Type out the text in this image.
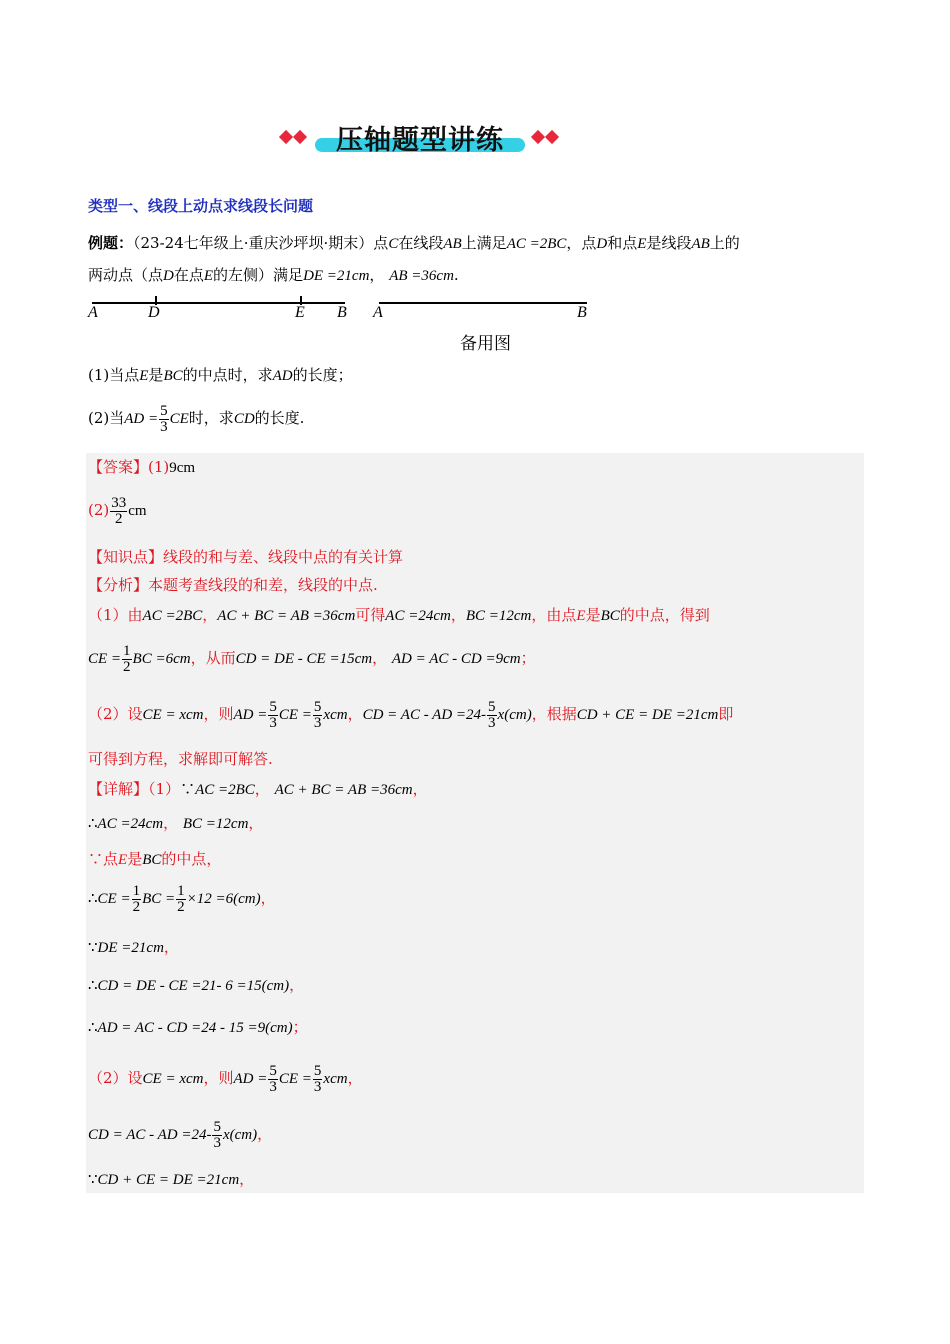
压轴题型讲练
类型一、线段上动点求线段长问题
例题：（23-24七年级上·重庆沙坪坝·期末）点C在线段AB上满足AC =2BC，点D和点E是线段AB上的
两动点（点D在点E的左侧）满足DE =21cm， AB =36cm.
A	D	E B A	B
备用图
(1)当点E是BC的中点时，求AD的长度；
(2)当AD = $\frac{5}{3}$ CE时，求CD的长度.
【答案】(1)9cm
$(2) \frac{33}{2}$ cm
【知识点】线段的和与差、线段中点的有关计算
【分析】本题考查线段的和差，线段的中点.
（1）由AC =2BC，AC + BC = AB =36cm可得AC =24cm，BC =12cm，由点E是BC的中点，得到
CE = $\frac{1}{2}$ BC =6cm，从而CD = DE - CE =15cm， AD = AC - CD =9cm；
（2）设CE = xcm，则AD = $\frac{5}{3}$ CE = $\frac{5}{3}$ xcm，CD = AC - AD $=24- \frac{5}{3} x(cm)$，根据CD + CE = DE =21cm即
可得到方程，求解即可解答.
【详解】（1）∵AC =2BC， AC + BC = AB =36cm，
∴AC =24cm， BC =12cm，
∵点E是BC的中点，
∴CE = $\frac{1}{2}$ BC = $\frac{1}{2} \times 12 =6(cm)$，
∵DE =21cm，
∴CD = DE - CE =21- 6 =15(cm)，
∴AD = AC - CD =24 - 15 =9(cm)；
（2）设CE = xcm，则AD = $\frac{5}{3}$ CE = $\frac{5}{3}$ xcm，
CD = AC - AD $=24- \frac{5}{3} x(cm)$，
∵CD + CE = DE =21cm，
